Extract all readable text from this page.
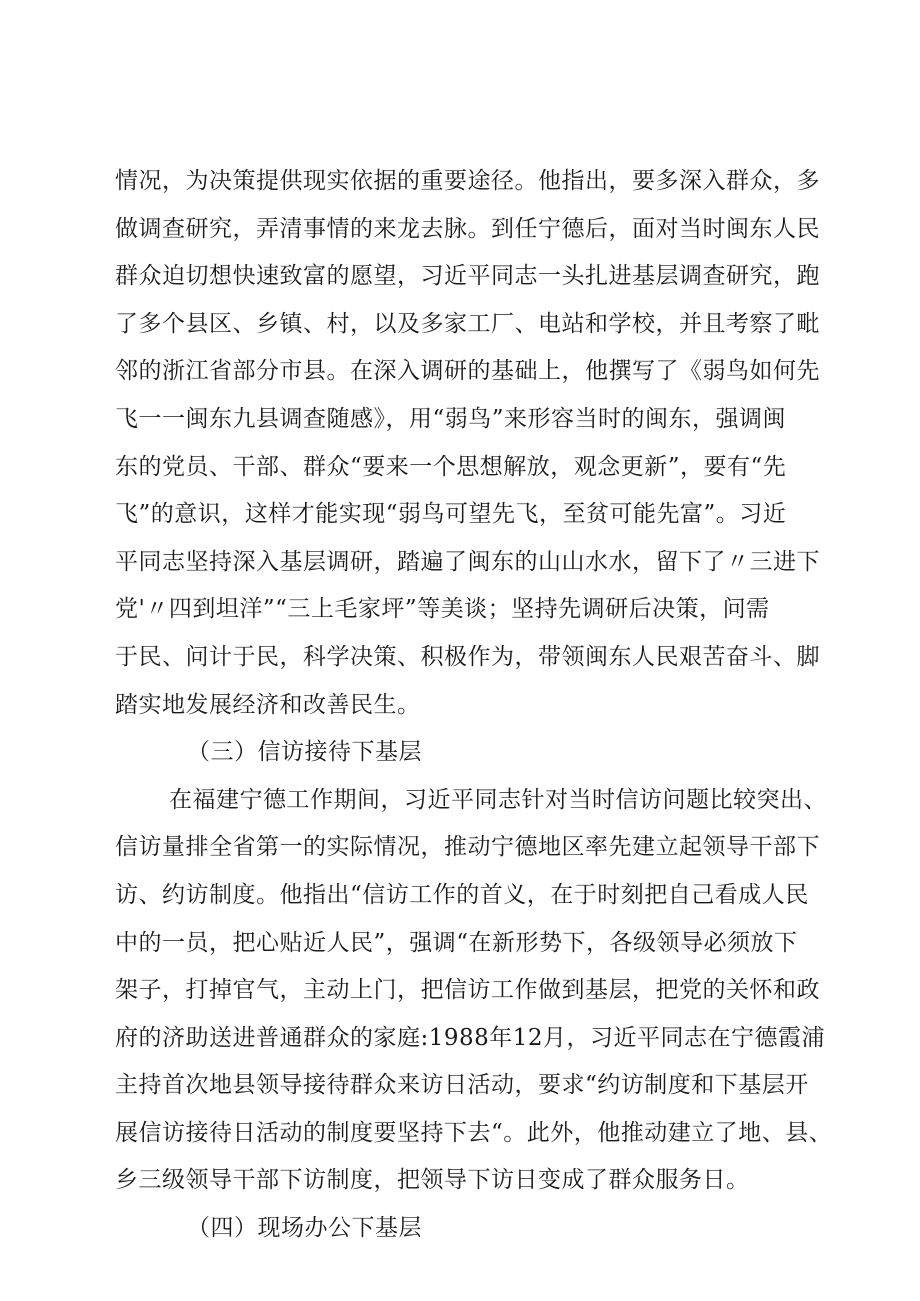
情况，为决策提供现实依据的重要途径。他指出，要多深入群众，多
做调查研究，弄清事情的来龙去脉。到任宁德后，面对当时闽东人民
群众迫切想快速致富的愿望，习近平同志一头扎进基层调查研究，跑
了多个县区、乡镇、村，以及多家工厂、电站和学校，并且考察了毗
邻的浙江省部分市县。在深入调研的基础上，他撰写了《弱鸟如何先
飞一一闽东九县调查随感》，用“弱鸟”来形容当时的闽东，强调闽
东的党员、干部、群众“要来一个思想解放，观念更新”，要有“先
飞”的意识，这样才能实现“弱鸟可望先飞，至贫可能先富”。习近
平同志坚持深入基层调研，踏遍了闽东的山山水水，留下了〃三进下
党'〃四到坦洋”“三上毛家坪”等美谈；坚持先调研后决策，问需
于民、问计于民，科学决策、积极作为，带领闽东人民艰苦奋斗、脚
踏实地发展经济和改善民生。
（三）信访接待下基层
在福建宁德工作期间，习近平同志针对当时信访问题比较突出、
信访量排全省第一的实际情况，推动宁德地区率先建立起领导干部下
访、约访制度。他指出“信访工作的首义，在于时刻把自己看成人民
中的一员，把心贴近人民”，强调“在新形势下，各级领导必须放下
架子，打掉官气，主动上门，把信访工作做到基层，把党的关怀和政
府的济助送进普通群众的家庭:1988年12月，习近平同志在宁德霞浦
主持首次地县领导接待群众来访日活动，要求“约访制度和下基层开
展信访接待日活动的制度要坚持下去“。此外，他推动建立了地、县、
乡三级领导干部下访制度，把领导下访日变成了群众服务日。
（四）现场办公下基层
